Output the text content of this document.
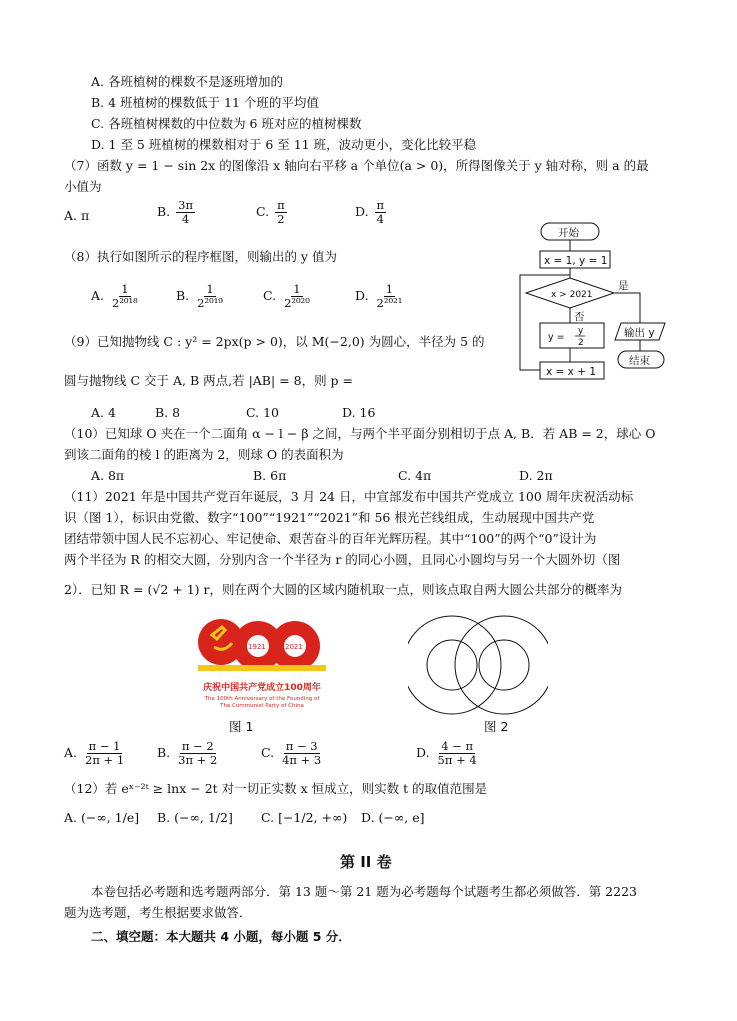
A. 各班植树的棵数不是逐班增加的
B. 4 班植树的棵数低于 11 个班的平均值
C. 各班植树棵数的中位数为 6 班对应的植树棵数
D. 1 至 5 班植树的棵数相对于 6 至 11 班，波动更小，变化比较平稳
（7）函数 y = 1 − sin 2x 的图像沿 x 轴向右平移 a 个单位(a > 0)，所得图像关于 y 轴对称，则 a 的最
小值为
A. π	B. $\frac{3\pi}{4}$	C. $\frac{\pi}{2}$	D. $\frac{\pi}{4}$
（8）执行如图所示的程序框图，则输出的 y 值为
A. $\frac{1}{\text{2²⁰¹⁸}}$	B. $\frac{1}{\text{2²⁰¹⁹}}$	C. $\frac{1}{\text{2²⁰²⁰}}$	D. $\frac{1}{\text{2²⁰²¹}}$
开始
x = 1, y = 1
x > 2021
是
否
y =
y
2
x = x + 1
输出 y
结束
（9）已知抛物线 C : y² = 2px(p > 0)，以 M(−2,0) 为圆心，半径为 5 的
圆与抛物线 C 交于 A, B 两点,若 |AB| = 8，则 p =
A. 4	B. 8	C. 10	D. 16
（10）已知球 O 夹在一个二面角 α − l − β 之间，与两个半平面分别相切于点 A, B．若 AB = 2，球心 O
到该二面角的棱 l 的距离为 2，则球 O 的表面积为
A. 8π	B. 6π	C. 4π	D. 2π
（11）2021 年是中国共产党百年诞辰，3 月 24 日，中宣部发布中国共产党成立 100 周年庆祝活动标
识（图 1），标识由党徽、数字“100”“1921”“2021”和 56 根光芒线组成，生动展现中国共产党
团结带领中国人民不忘初心、牢记使命、艰苦奋斗的百年光辉历程。其中“100”的两个“0”设计为
两个半径为 R 的相交大圆，分别内含一个半径为 r 的同心小圆，且同心小圆均与另一个大圆外切（图
2）．已知 R = (√2 + 1) r，则在两个大圆的区域内随机取一点，则该点取自两大圆公共部分的概率为
1921	2021
庆祝中国共产党成立100周年
The 100th Anniversary of the Founding of
The Communist Party of China
100
图 1	图 2
A. $\frac{\pi - 1}{2\pi + 1} B$. $\frac{\pi - 2}{3\pi + 2}$	C. $\frac{\pi - 3}{4\pi + 3}$	D. $\frac{4 - \pi}{5\pi + 4}$
（12）若 eˣ⁻²ᵗ ≥ lnx − 2t 对一切正实数 x 恒成立，则实数 t 的取值范围是
A. (−∞, 1/e] B. (−∞, 1/2] C. [−1/2, +∞) D. (−∞, e]
第 II 卷
本卷包括必考题和选考题两部分．第 13 题～第 21 题为必考题每个试题考生都必须做答．第 2223
题为选考题，考生根据要求做答．
二、填空题：本大题共 4 小题，每小题 5 分．
